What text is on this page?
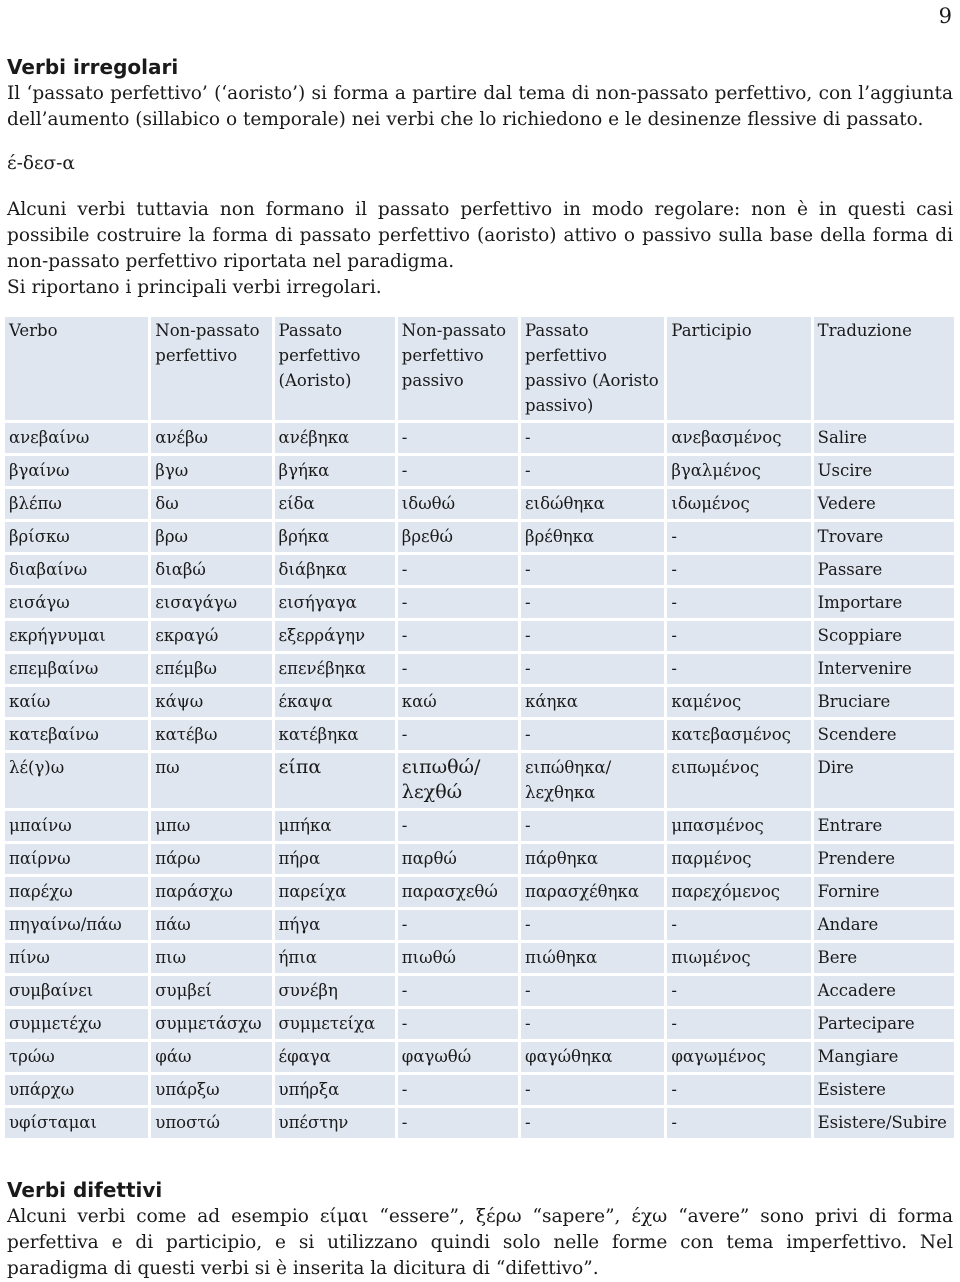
9
Verbi irregolari

Il ‘passato perfettivo’ (‘aoristo’) si forma a partire dal tema di non-passato perfettivo, con l’aggiunta dell’aumento (sillabico o temporale) nei verbi che lo richiedono e le desinenze flessive di passato.

έ-δεσ-α

Alcuni verbi tuttavia non formano il passato perfettivo in modo regolare: non è in questi casi possibile costruire la forma di passato perfettivo (aoristo) attivo o passivo sulla base della forma di non-passato perfettivo riportata nel paradigma.

Si riportano i principali verbi irregolari.

Verbo	Non-passato perfettivo	Passato perfettivo (Aoristo)	Non-passato perfettivo passivo	Passato perfettivo passivo (Aoristo passivo)	Participio	Traduzione
ανεβαίνω	ανέβω	ανέβηκα	-	-	ανεβασμένος	Salire
βγαίνω	βγω	βγήκα	-	-	βγαλμένος	Uscire
βλέπω	δω	είδα	ιδωθώ	ειδώθηκα	ιδωμένος	Vedere
βρίσκω	βρω	βρήκα	βρεθώ	βρέθηκα	-	Trovare
διαβαίνω	διαβώ	διάβηκα	-	-	-	Passare
εισάγω	εισαγάγω	εισήγαγα	-	-	-	Importare
εκρήγνυμαι	εκραγώ	εξερράγην	-	-	-	Scoppiare
επεμβαίνω	επέμβω	επενέβηκα	-	-	-	Intervenire
καίω	κάψω	έκαψα	καώ	κάηκα	καμένος	Bruciare
κατεβαίνω	κατέβω	κατέβηκα	-	-	κατεβασμένος	Scendere
λέ(γ)ω	πω	είπα	ειπωθώ/λεχθώ	ειπώθηκα/λεχθηκα	ειπωμένος	Dire
μπαίνω	μπω	μπήκα	-	-	μπασμένος	Entrare
παίρνω	πάρω	πήρα	παρθώ	πάρθηκα	παρμένος	Prendere
παρέχω	παράσχω	παρείχα	παρασχεθώ	παρασχέθηκα	παρεχόμενος	Fornire
πηγαίνω/πάω	πάω	πήγα	-	-	-	Andare
πίνω	πιω	ήπια	πιωθώ	πιώθηκα	πιωμένος	Bere
συμβαίνει	συμβεί	συνέβη	-	-	-	Accadere
συμμετέχω	συμμετάσχω	συμμετείχα	-	-	-	Partecipare
τρώω	φάω	έφαγα	φαγωθώ	φαγώθηκα	φαγωμένος	Mangiare
υπάρχω	υπάρξω	υπήρξα	-	-	-	Esistere
υφίσταμαι	υποστώ	υπέστην	-	-	-	Esistere/Subire
Verbi difettivi

Alcuni verbi come ad esempio είμαι “essere”, ξέρω “sapere”, έχω “avere” sono privi di forma perfettiva e di participio, e si utilizzano quindi solo nelle forme con tema imperfettivo. Nel paradigma di questi verbi si è inserita la dicitura di “difettivo”.
